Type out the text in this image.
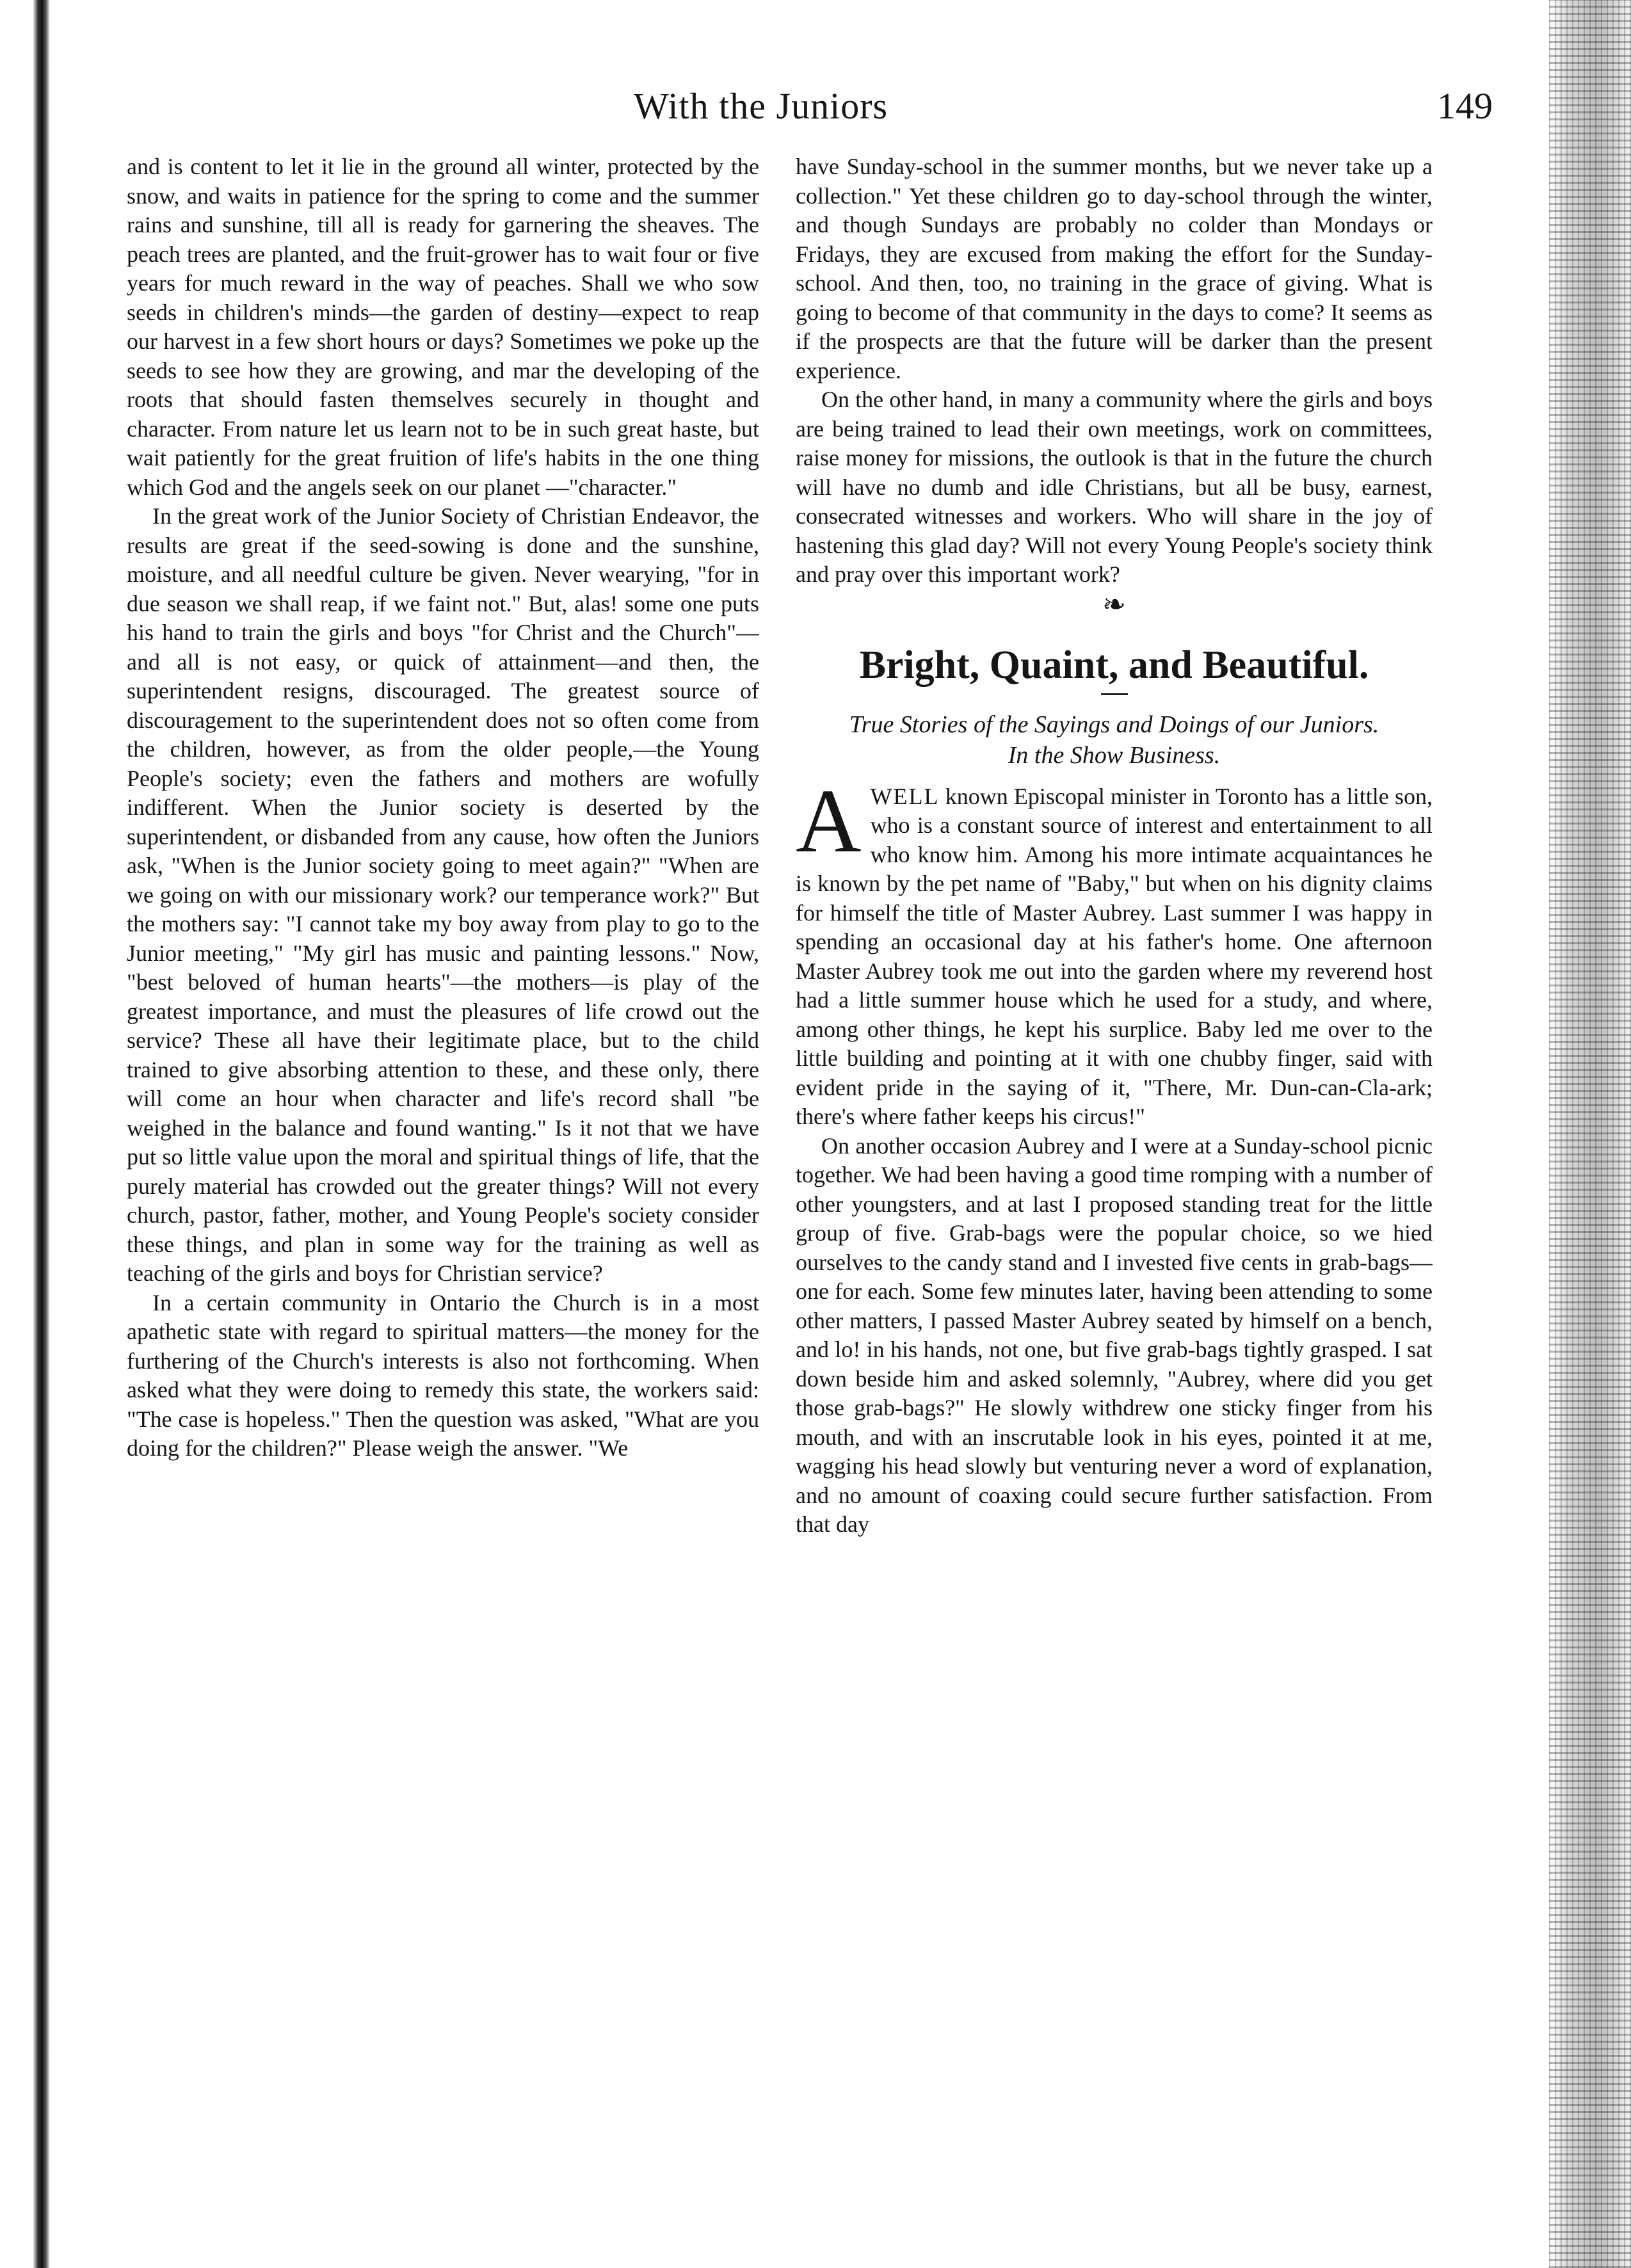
With the Juniors	149

and is content to let it lie in the ground all winter, protected by the snow, and waits in patience for the spring to come and the summer rains and sunshine, till all is ready for garnering the sheaves. The peach trees are planted, and the fruit-grower has to wait four or five years for much reward in the way of peaches. Shall we who sow seeds in children's minds—the garden of destiny—expect to reap our harvest in a few short hours or days? Sometimes we poke up the seeds to see how they are growing, and mar the developing of the roots that should fasten themselves securely in thought and character. From nature let us learn not to be in such great haste, but wait patiently for the great fruition of life's habits in the one thing which God and the angels seek on our planet —"character."

In the great work of the Junior Society of Christian Endeavor, the results are great if the seed-sowing is done and the sunshine, moisture, and all needful culture be given. Never wearying, "for in due season we shall reap, if we faint not." But, alas! some one puts his hand to train the girls and boys "for Christ and the Church"—and all is not easy, or quick of attainment—and then, the superintendent resigns, discouraged. The greatest source of discouragement to the superintendent does not so often come from the children, however, as from the older people,—the Young People's society; even the fathers and mothers are wofully indifferent. When the Junior society is deserted by the superintendent, or disbanded from any cause, how often the Juniors ask, "When is the Junior society going to meet again?" "When are we going on with our missionary work? our temperance work?" But the mothers say: "I cannot take my boy away from play to go to the Junior meeting," "My girl has music and painting lessons." Now, "best beloved of human hearts"—the mothers—is play of the greatest importance, and must the pleasures of life crowd out the service? These all have their legitimate place, but to the child trained to give absorbing attention to these, and these only, there will come an hour when character and life's record shall "be weighed in the balance and found wanting." Is it not that we have put so little value upon the moral and spiritual things of life, that the purely material has crowded out the greater things? Will not every church, pastor, father, mother, and Young People's society consider these things, and plan in some way for the training as well as teaching of the girls and boys for Christian service?

In a certain community in Ontario the Church is in a most apathetic state with regard to spiritual matters—the money for the furthering of the Church's interests is also not forthcoming. When asked what they were doing to remedy this state, the workers said: "The case is hopeless." Then the question was asked, "What are you doing for the children?" Please weigh the answer. "We

have Sunday-school in the summer months, but we never take up a collection." Yet these children go to day-school through the winter, and though Sundays are probably no colder than Mondays or Fridays, they are excused from making the effort for the Sunday-school. And then, too, no training in the grace of giving. What is going to become of that community in the days to come? It seems as if the prospects are that the future will be darker than the present experience.

On the other hand, in many a community where the girls and boys are being trained to lead their own meetings, work on committees, raise money for missions, the outlook is that in the future the church will have no dumb and idle Christians, but all be busy, earnest, consecrated witnesses and workers. Who will share in the joy of hastening this glad day? Will not every Young People's society think and pray over this important work?

❧
Bright, Quaint, and Beautiful.
True Stories of the Sayings and Doings of our Juniors.
In the Show Business.

AWELL known Episcopal minister in Toronto has a little son, who is a constant source of interest and entertainment to all who know him. Among his more intimate acquaintances he is known by the pet name of "Baby," but when on his dignity claims for himself the title of Master Aubrey. Last summer I was happy in spending an occasional day at his father's home. One afternoon Master Aubrey took me out into the garden where my reverend host had a little summer house which he used for a study, and where, among other things, he kept his surplice. Baby led me over to the little building and pointing at it with one chubby finger, said with evident pride in the saying of it, "There, Mr. Dun-can-Cla-ark; there's where father keeps his circus!"

On another occasion Aubrey and I were at a Sunday-school picnic together. We had been having a good time romping with a number of other youngsters, and at last I proposed standing treat for the little group of five. Grab-bags were the popular choice, so we hied ourselves to the candy stand and I invested five cents in grab-bags—one for each. Some few minutes later, having been attending to some other matters, I passed Master Aubrey seated by himself on a bench, and lo! in his hands, not one, but five grab-bags tightly grasped. I sat down beside him and asked solemnly, "Aubrey, where did you get those grab-bags?" He slowly withdrew one sticky finger from his mouth, and with an inscrutable look in his eyes, pointed it at me, wagging his head slowly but venturing never a word of explanation, and no amount of coaxing could secure further satisfaction. From that day
